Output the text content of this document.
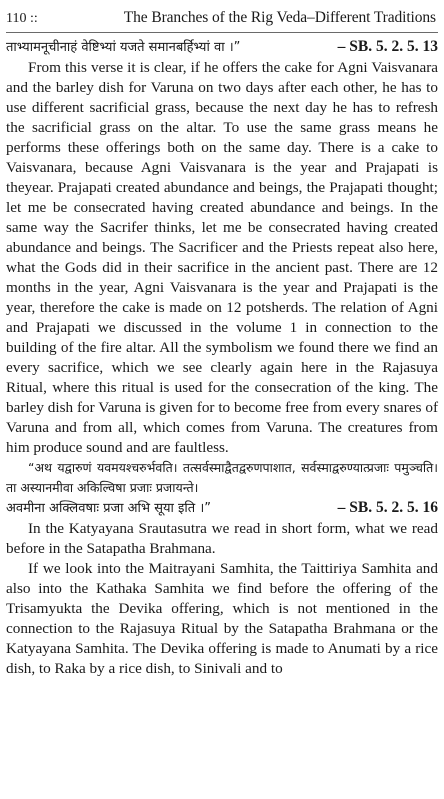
110 ::	The Branches of the Rig Veda–Different Traditions
ताभ्यामनूचीनाहं वेष्टिभ्यां यजते समानबर्हिभ्यां वा ।”	– SB. 5. 2. 5. 13

From this verse it is clear, if he offers the cake for Agni Vaisvanara and the barley dish for Varuna on two days after each other, he has to use different sacrificial grass, because the next day he has to refresh the sacrificial grass on the altar. To use the same grass means he performs these offerings both on the same day. There is a cake to Vaisvanara, because Agni Vaisvanara is the year and Prajapati is theyear. Prajapati created abundance and beings, the Prajapati thought; let me be consecrated having created abundance and beings. In the same way the Sacrifer thinks, let me be consecrated having created abundance and beings. The Sacrificer and the Priests repeat also here, what the Gods did in their sacrifice in the ancient past. There are 12 months in the year, Agni Vaisvanara is the year and Prajapati is the year, therefore the cake is made on 12 potsherds. The relation of Agni and Prajapati we discussed in the volume 1 in connection to the building of the fire altar. All the symbolism we found there we find an every sacrifice, which we see clearly again here in the Rajasuya Ritual, where this ritual is used for the consecration of the king. The barley dish for Varuna is given for to become free from every snares of Varuna and from all, which comes from Varuna. The creatures from him produce sound and are faultless.

“अथ यद्वारुणं यवमयश्चरुर्भवति। तत्सर्वस्माद्वैतद्वरुणपाशात, सर्वस्माद्वरुण्यात्प्रजाः पमुञ्चति। ता अस्यानमीवा अकिल्विषा प्रजाः प्रजायन्ते।

अवमीना अक्लिवषाः प्रजा अभि सूया इति ।”	– SB. 5. 2. 5. 16

In the Katyayana Srautasutra we read in short form, what we read before in the Satapatha Brahmana.

If we look into the Maitrayani Samhita, the Taittiriya Samhita and also into the Kathaka Samhita we find before the offering of the Trisamyukta the Devika offering, which is not mentioned in the connection to the Rajasuya Ritual by the Satapatha Brahmana or the Katyayana Samhita. The Devika offering is made to Anumati by a rice dish, to Raka by a rice dish, to Sinivali and to
